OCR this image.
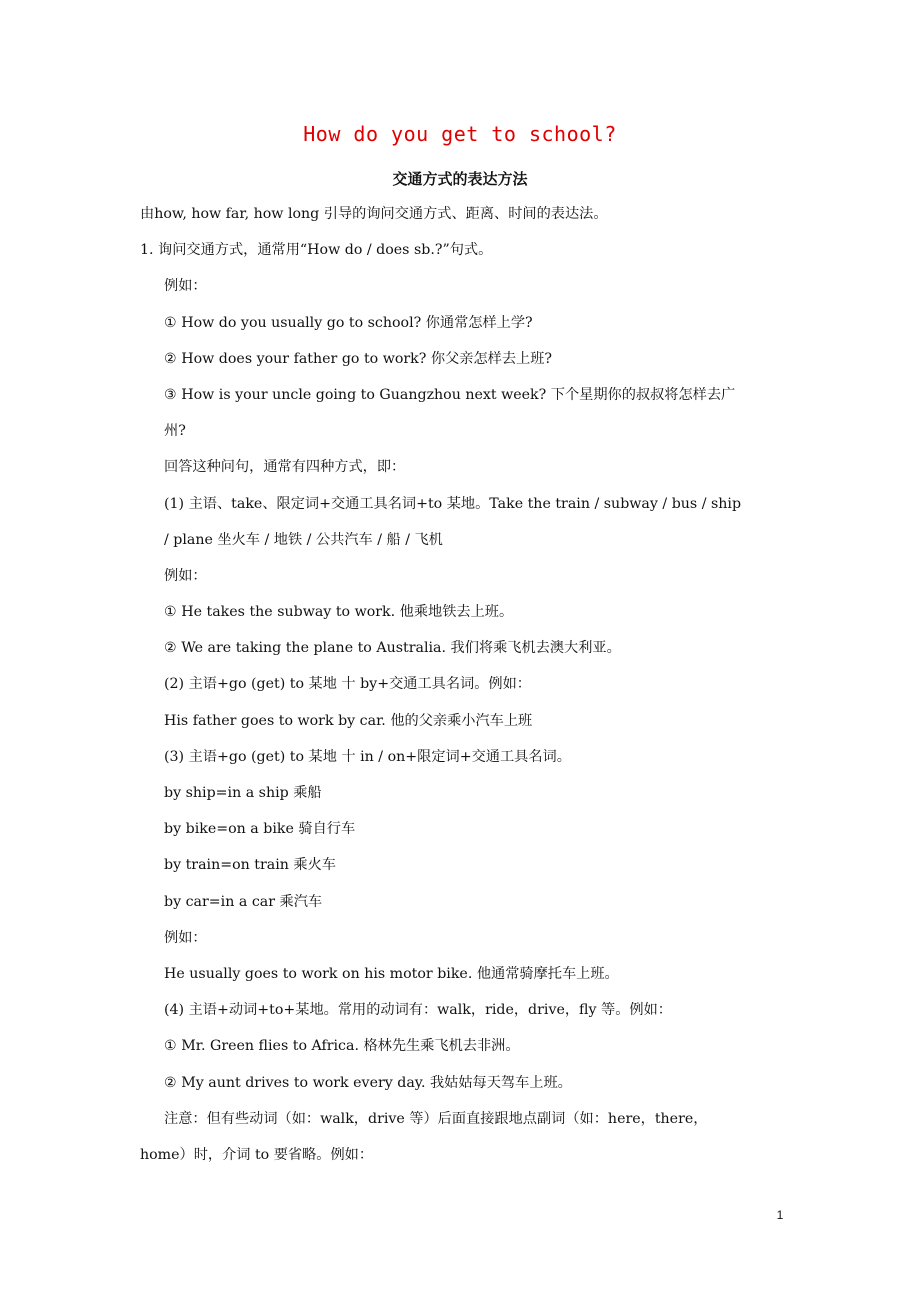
How do you get to school?
交通方式的表达方法
由how, how far, how long 引导的询问交通方式、距离、时间的表达法。
1. 询问交通方式，通常用“How do / does sb.?”句式。
例如：
① How do you usually go to school? 你通常怎样上学?
② How does your father go to work? 你父亲怎样去上班?
③ How is your uncle going to Guangzhou next week? 下个星期你的叔叔将怎样去广
州?
回答这种问句，通常有四种方式，即：
(1) 主语、take、限定词+交通工具名词+to 某地。Take the train / subway / bus / ship
/ plane 坐火车 / 地铁 / 公共汽车 / 船 / 飞机
例如：
① He takes the subway to work. 他乘地铁去上班。
② We are taking the plane to Australia. 我们将乘飞机去澳大利亚。
(2) 主语+go (get) to 某地 十 by+交通工具名词。例如：
His father goes to work by car. 他的父亲乘小汽车上班
(3) 主语+go (get) to 某地 十 in / on+限定词+交通工具名词。
by ship=in a ship 乘船
by bike=on a bike 骑自行车
by train=on train 乘火车
by car=in a car 乘汽车
例如：
He usually goes to work on his motor bike. 他通常骑摩托车上班。
(4) 主语+动词+to+某地。常用的动词有：walk，ride，drive，fly 等。例如：
① Mr. Green flies to Africa. 格林先生乘飞机去非洲。
② My aunt drives to work every day. 我姑姑每天驾车上班。
注意：但有些动词（如：walk，drive 等）后面直接跟地点副词（如：here，there，
home）时，介词 to 要省略。例如：
1
